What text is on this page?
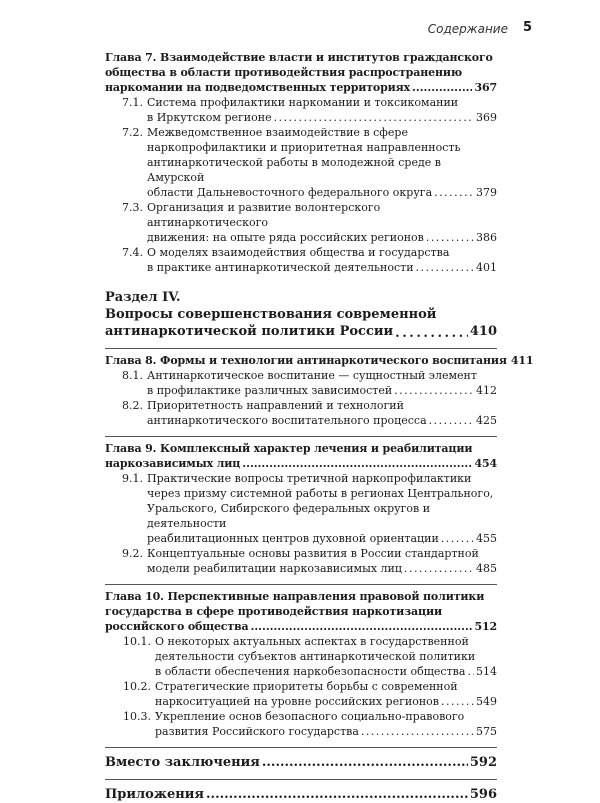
Содержание 5
Глава 7. Взаимодействие власти и институтов гражданского
общества в области противодействия распространению
наркомании на подведомственных территориях .....	367
7.1. Система профилактики наркомании и токсикомании
в Иркутском регионе . . .	369
7.2. Межведомственное взаимодействие в сфере
наркопрофилактики и приоритетная направленность
антинаркотической работы в молодежной среде в Амурской
области Дальневосточного федерального округа . . .	379
7.3. Организация и развитие волонтерского антинаркотического
движения: на опыте ряда российских регионов . . .	386
7.4. О моделях взаимодействия общества и государства
в практике антинаркотической деятельности . . .	401
Раздел IV.
Вопросы совершенствования современной
антинаркотической политики России . . .	410
Глава 8. Формы и технологии антинаркотического воспитания 411
8.1. Антинаркотическое воспитание — сущностный элемент
в профилактике различных зависимостей . . .	412
8.2. Приоритетность направлений и технологий
антинаркотического воспитательного процесса . . .	425
Глава 9. Комплексный характер лечения и реабилитации
наркозависимых лиц .....	454
9.1. Практические вопросы третичной наркопрофилактики
через призму системной работы в регионах Центрального,
Уральского, Сибирского федеральных округов и деятельности
реабилитационных центров духовной ориентации . . .	455
9.2. Концептуальные основы развития в России стандартной
модели реабилитации наркозависимых лиц . . .	485
Глава 10. Перспективные направления правовой политики
государства в сфере противодействия наркотизации
российского общества .....	512
10.1. О некоторых актуальных аспектах в государственной
деятельности субъектов антинаркотической политики
в области обеспечения наркобезопасности общества . . . 514
10.2. Стратегические приоритеты борьбы с современной
наркоситуацией на уровне российских регионов . . .	549
10.3. Укрепление основ безопасного социально-правового
развития Российского государства . . .	575
Вместо заключения .....	592
Приложения .....	596
